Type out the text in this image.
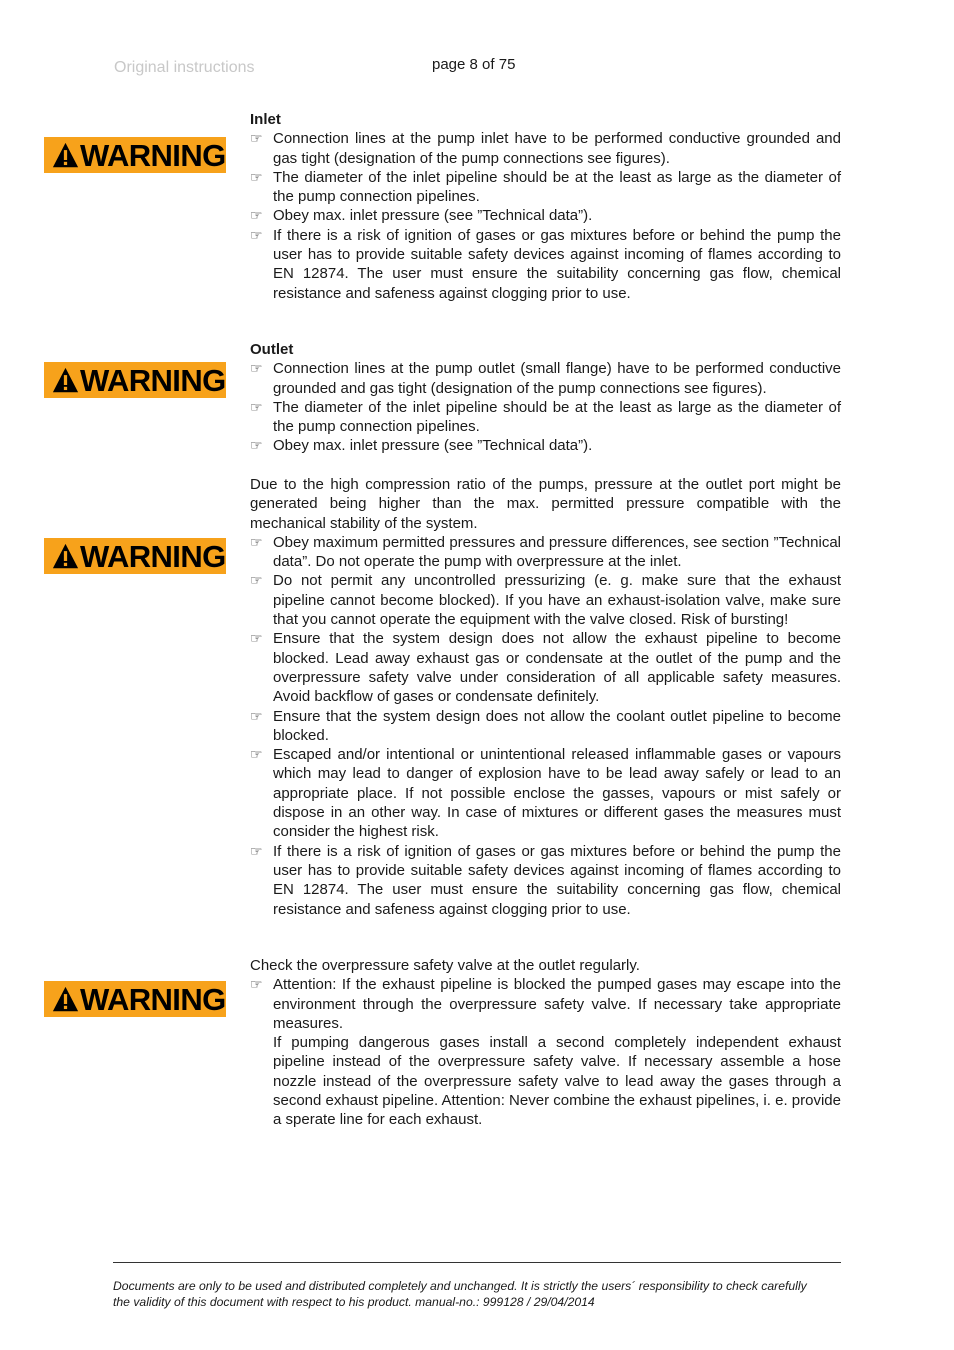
Original instructions	page 8 of 75
WARNING
WARNING
WARNING
WARNING

Inlet

☞ Connection lines at the pump inlet have to be performed conductive grounded and gas tight (designation of the pump connections see figures).
☞ The diameter of the inlet pipeline should be at the least as large as the diameter of the pump connection pipelines.
☞ Obey max. inlet pressure (see ”Technical data”).
☞ If there is a risk of ignition of gases or gas mixtures before or behind the pump the user has to provide suitable safety devices against incoming of flames according to EN 12874. The user must ensure the suitability concerning gas flow, chemical resistance and safeness against clogging prior to use.

Outlet

☞ Connection lines at the pump outlet (small flange) have to be performed conductive grounded and gas tight (designation of the pump connections see figures).
☞ The diameter of the inlet pipeline should be at the least as large as the diameter of the pump connection pipelines.
☞ Obey max. inlet pressure (see ”Technical data”).

Due to the high compression ratio of the pumps, pressure at the outlet port might be generated being higher than the max. permitted pressure compatible with the mechanical stability of the system.

☞ Obey maximum permitted pressures and pressure differences, see section ”Technical data”. Do not operate the pump with overpressure at the inlet.
☞ Do not permit any uncontrolled pressurizing (e. g. make sure that the exhaust pipeline cannot become blocked). If you have an exhaust-isolation valve, make sure that you cannot operate the equipment with the valve closed. Risk of bursting!
☞ Ensure that the system design does not allow the exhaust pipeline to become blocked. Lead away exhaust gas or condensate at the outlet of the pump and the overpressure safety valve under consideration of all applicable safety measures. Avoid backflow of gases or condensate definitely.
☞ Ensure that the system design does not allow the coolant outlet pipeline to become blocked.
☞ Escaped and/or intentional or unintentional released inflammable gases or vapours which may lead to danger of explosion have to be lead away safely or lead to an appropriate place. If not possible enclose the gasses, vapours or mist safely or dispose in an other way. In case of mixtures or different gases the measures must consider the highest risk.
☞ If there is a risk of ignition of gases or gas mixtures before or behind the pump the user has to provide suitable safety devices against incoming of flames according to EN 12874. The user must ensure the suitability concerning gas flow, chemical resistance and safeness against clogging prior to use.

Check the overpressure safety valve at the outlet regularly.

☞ Attention: If the exhaust pipeline is blocked the pumped gases may escape into the environment through the overpressure safety valve. If necessary take appropriate measures.

If pumping dangerous gases install a second completely independent exhaust pipeline instead of the overpressure safety valve. If necessary assemble a hose nozzle instead of the overpressure safety valve to lead away the gases through a second exhaust pipeline. Attention: Never combine the exhaust pipelines, i. e. provide a sperate line for each exhaust.

Documents are only to be used and distributed completely and unchanged. It is strictly the users´ responsibility to check carefully
the validity of this document with respect to his product. manual-no.: 999128 / 29/04/2014
